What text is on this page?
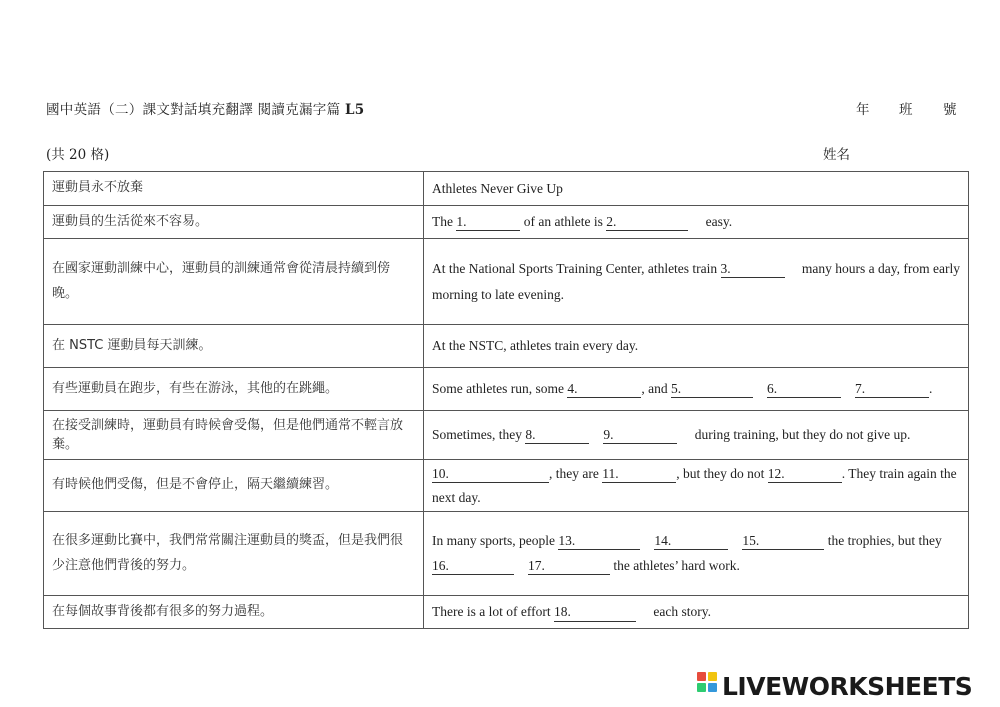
國中英語（二）課文對話填充翻譯 閱讀克漏字篇 L5	年 班 號
(共 20 格)	姓名
運動員永不放棄	Athletes Never Give Up
運動員的生活從來不容易。	The 1. of an athlete is 2. easy.
在國家運動訓練中心，運動員的訓練通常會從清晨持續到傍晚。	At the National Sports Training Center, athletes train 3. many hours a day, from early morning to late evening.
在 NSTC 運動員每天訓練。	At the NSTC, athletes train every day.
有些運動員在跑步，有些在游泳，其他的在跳繩。	Some athletes run, some 4. , and 5. 6. 7. .
在接受訓練時，運動員有時候會受傷，但是他們通常不輕言放棄。	Sometimes, they 8. 9. during training, but they do not give up.
有時候他們受傷，但是不會停止，隔天繼續練習。	10. , they are 11. , but they do not 12. . They train again the next day.
在很多運動比賽中，我們常常關注運動員的獎盃，但是我們很少注意他們背後的努力。	In many sports, people 13. 14. 15. the trophies, but they 16. 17. the athletes’ hard work.
在每個故事背後都有很多的努力過程。	There is a lot of effort 18. each story.
LIVEWORKSHEETS
